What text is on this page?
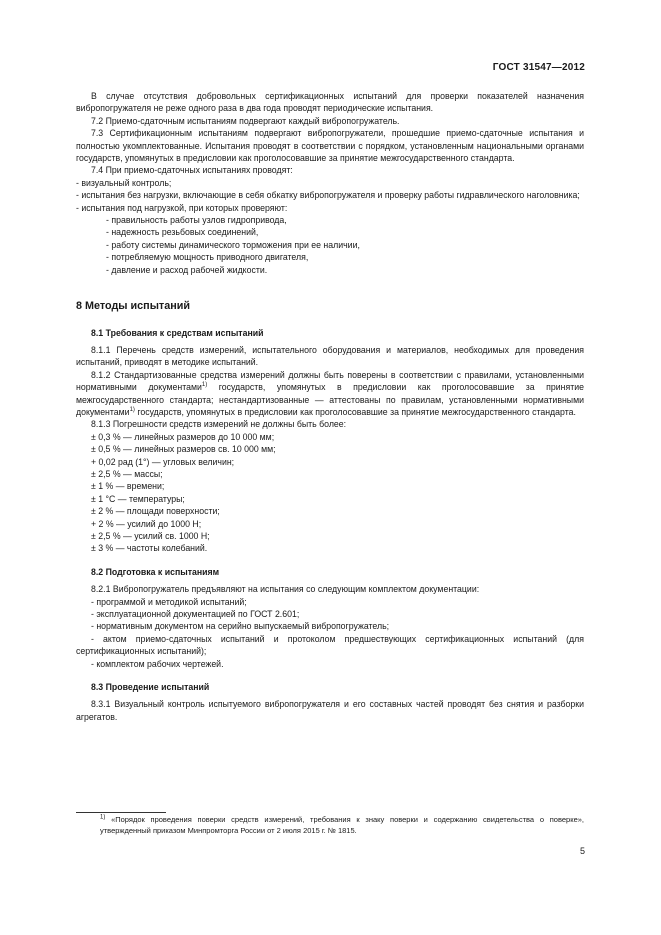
ГОСТ 31547—2012

В случае отсутствия добровольных сертификационных испытаний для проверки показателей назначения вибропогружателя не реже одного раза в два года проводят периодические испытания.

7.2 Приемо-сдаточным испытаниям подвергают каждый вибропогружатель.

7.3 Сертификационным испытаниям подвергают вибропогружатели, прошедшие приемо-сдаточные испытания и полностью укомплектованные. Испытания проводят в соответствии с порядком, установленным национальными органами государств, упомянутых в предисловии как проголосовавшие за принятие межгосударственного стандарта.

7.4 При приемо-сдаточных испытаниях проводят:

- визуальный контроль;

- испытания без нагрузки, включающие в себя обкатку вибропогружателя и проверку работы гидравлического наголовника;

- испытания под нагрузкой, при которых проверяют:

- правильность работы узлов гидропривода,

- надежность резьбовых соединений,

- работу системы динамического торможения при ее наличии,

- потребляемую мощность приводного двигателя,

- давление и расход рабочей жидкости.

8 Методы испытаний

8.1 Требования к средствам испытаний

8.1.1 Перечень средств измерений, испытательного оборудования и материалов, необходимых для проведения испытаний, приводят в методике испытаний.

8.1.2 Стандартизованные средства измерений должны быть поверены в соответствии с правилами, установленными нормативными документами$^{1)}$ государств, упомянутых в предисловии как проголосовавшие за принятие межгосударственного стандарта; нестандартизованные — аттестованы по правилам, установленными нормативными документами$^{1)}$ государств, упомянутых в предисловии как проголосовавшие за принятие межгосударственного стандарта.

8.1.3 Погрешности средств измерений не должны быть более:

± 0,3 % — линейных размеров до 10 000 мм;

± 0,5 % — линейных размеров св. 10 000 мм;

+ 0,02 рад (1°) — угловых величин;

± 2,5 % — массы;

± 1 % — времени;

± 1 °С — температуры;

± 2 % — площади поверхности;

+ 2 % — усилий до 1000 Н;

± 2,5 % — усилий св. 1000 Н;

± 3 % — частоты колебаний.

8.2 Подготовка к испытаниям

8.2.1 Вибропогружатель предъявляют на испытания со следующим комплектом документации:

- программой и методикой испытаний;

- эксплуатационной документацией по ГОСТ 2.601;

- нормативным документом на серийно выпускаемый вибропогружатель;

- актом приемо-сдаточных испытаний и протоколом предшествующих сертификационных испытаний (для сертификационных испытаний);

- комплектом рабочих чертежей.

8.3 Проведение испытаний

8.3.1 Визуальный контроль испытуемого вибропогружателя и его составных частей проводят без снятия и разборки агрегатов.

$^{1)}$ «Порядок проведения поверки средств измерений, требования к знаку поверки и содержанию свидетельства о поверке», утвержденный приказом Минпромторга России от 2 июля 2015 г. № 1815.

5
